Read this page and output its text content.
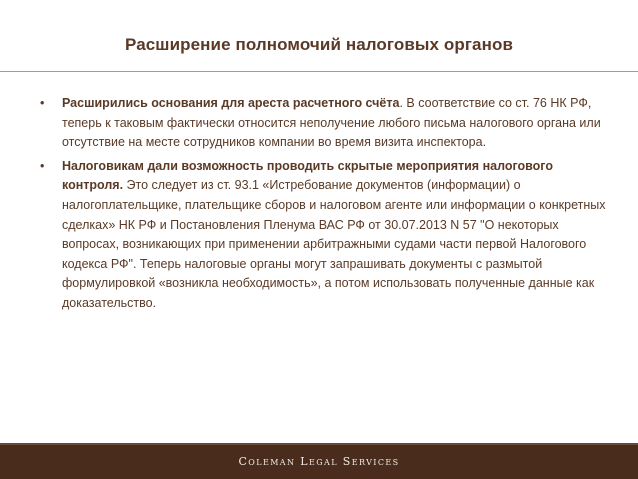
Расширение полномочий налоговых органов
• Расширились основания для ареста расчетного счёта. В соответствие со ст. 76 НК РФ, теперь к таковым фактически относится неполучение любого письма налогового органа или отсутствие на месте сотрудников компании во время визита инспектора.
• Налоговикам дали возможность проводить скрытые мероприятия налогового контроля. Это следует из ст. 93.1 «Истребование документов (информации) о налогоплательщике, плательщике сборов и налоговом агенте или информации о конкретных сделках» НК РФ и Постановления Пленума ВАС РФ от 30.07.2013 N 57 "О некоторых вопросах, возникающих при применении арбитражными судами части первой Налогового кодекса РФ". Теперь налоговые органы могут запрашивать документы с размытой формулировкой «возникла необходимость», а потом использовать полученные данные как доказательство.
Coleman Legal Services
